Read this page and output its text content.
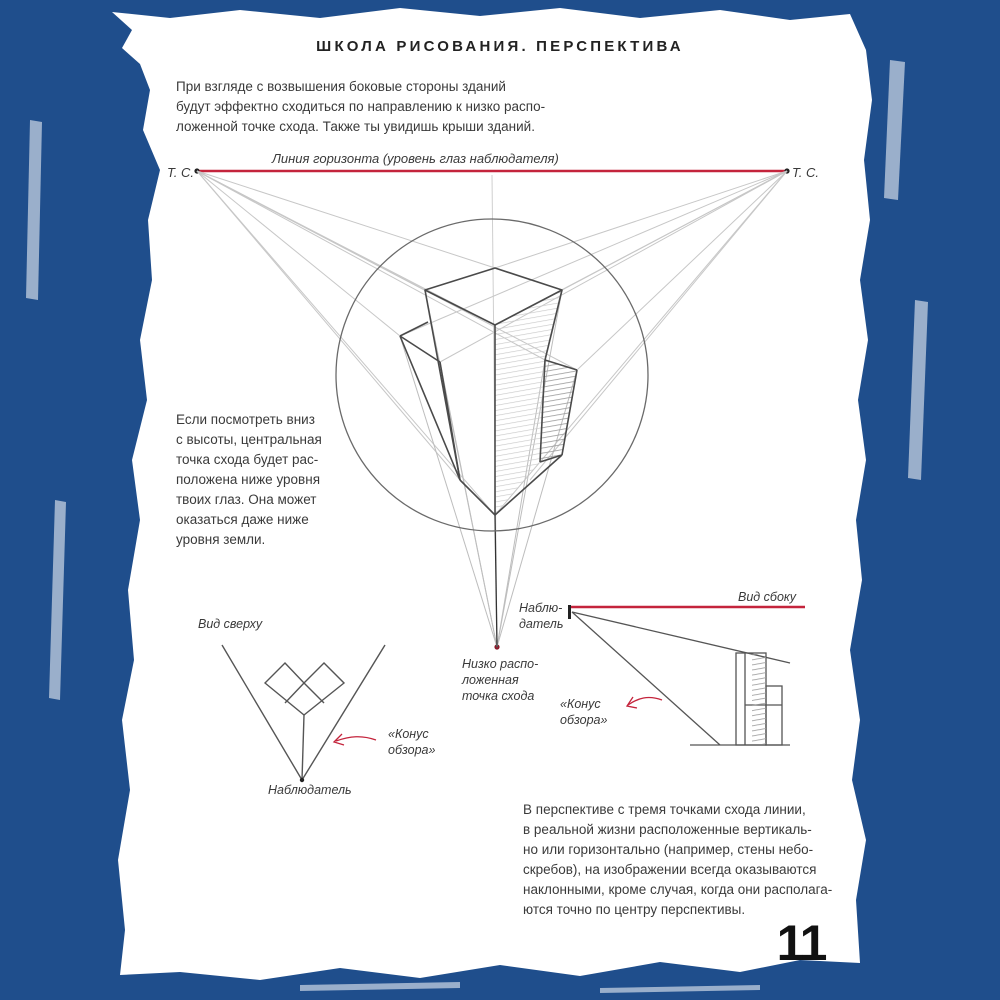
ШКОЛА РИСОВАНИЯ. ПЕРСПЕКТИВА
При взгляде с возвышения боковые стороны зданий
будут эффектно сходиться по направлению к низко распо-
ложенной точке схода. Также ты увидишь крыши зданий.
Линия горизонта (уровень глаз наблюдателя)
Т. С.	Т. С.
Если посмотреть вниз
с высоты, центральная
точка схода будет рас-
положена ниже уровня
твоих глаз. Она может
оказаться даже ниже
уровня земли.
Низко распо-
ложенная
точка схода
Вид сверху
«Конус
обзора»
Наблюдатель
Вид сбоку
Наблю-
датель
«Конус
обзора»
В перспективе с тремя точками схода линии,
в реальной жизни расположенные вертикаль-
но или горизонтально (например, стены небо-
скребов), на изображении всегда оказываются
наклонными, кроме случая, когда они располага-
ются точно по центру перспективы.
11
